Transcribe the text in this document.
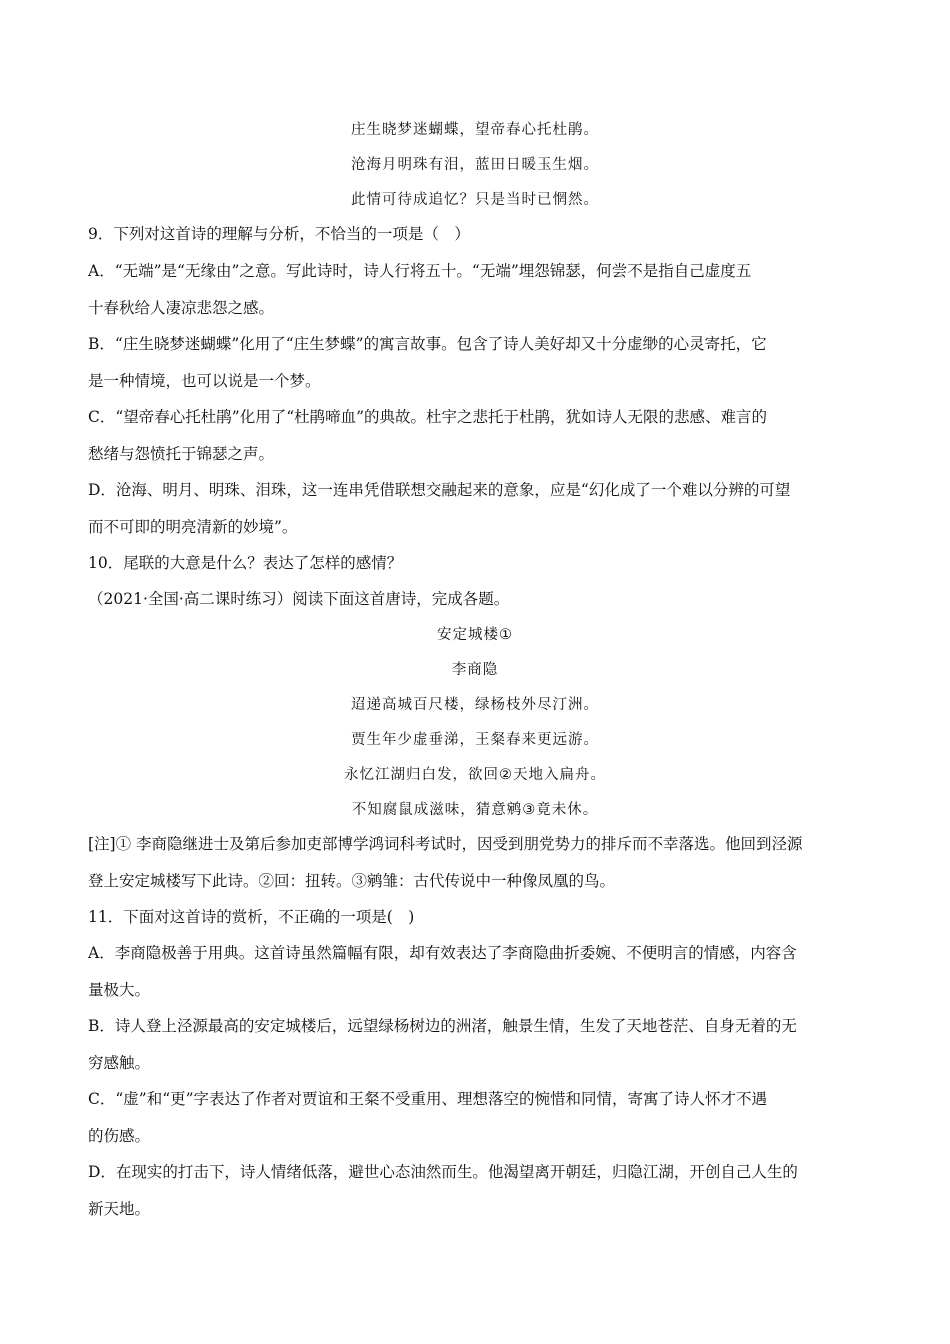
庄生晓梦迷蝴蝶，望帝春心托杜鹃。
沧海月明珠有泪，蓝田日暖玉生烟。
此情可待成追忆？只是当时已惘然。
9．下列对这首诗的理解与分析，不恰当的一项是（　）
A．“无端”是“无缘由”之意。写此诗时，诗人行将五十。“无端”埋怨锦瑟，何尝不是指自己虚度五
十春秋给人凄凉悲怨之感。
B．“庄生晓梦迷蝴蝶”化用了“庄生梦蝶”的寓言故事。包含了诗人美好却又十分虚缈的心灵寄托，它
是一种情境，也可以说是一个梦。
C．“望帝春心托杜鹃”化用了“杜鹃啼血”的典故。杜宇之悲托于杜鹃，犹如诗人无限的悲感、难言的
愁绪与怨愤托于锦瑟之声。
D．沧海、明月、明珠、泪珠，这一连串凭借联想交融起来的意象，应是“幻化成了一个难以分辨的可望
而不可即的明亮清新的妙境”。
10．尾联的大意是什么？表达了怎样的感情？
（2021·全国·高二课时练习）阅读下面这首唐诗，完成各题。
安定城楼①
李商隐
迢递高城百尺楼，绿杨枝外尽汀洲。
贾生年少虚垂涕，王粲春来更远游。
永忆江湖归白发，欲回②天地入扁舟。
不知腐鼠成滋味，猜意鹓③竟未休。
[注]① 李商隐继进士及第后参加吏部博学鸿词科考试时，因受到朋党势力的排斥而不幸落选。他回到泾源
登上安定城楼写下此诗。②回：扭转。③鹓雏：古代传说中一种像凤凰的鸟。
11．下面对这首诗的赏析，不正确的一项是(　)
A．李商隐极善于用典。这首诗虽然篇幅有限，却有效表达了李商隐曲折委婉、不便明言的情感，内容含
量极大。
B．诗人登上泾源最高的安定城楼后，远望绿杨树边的洲渚，触景生情，生发了天地苍茫、自身无着的无
穷感触。
C．“虚”和“更”字表达了作者对贾谊和王粲不受重用、理想落空的惋惜和同情，寄寓了诗人怀才不遇
的伤感。
D．在现实的打击下，诗人情绪低落，避世心态油然而生。他渴望离开朝廷，归隐江湖，开创自己人生的
新天地。
